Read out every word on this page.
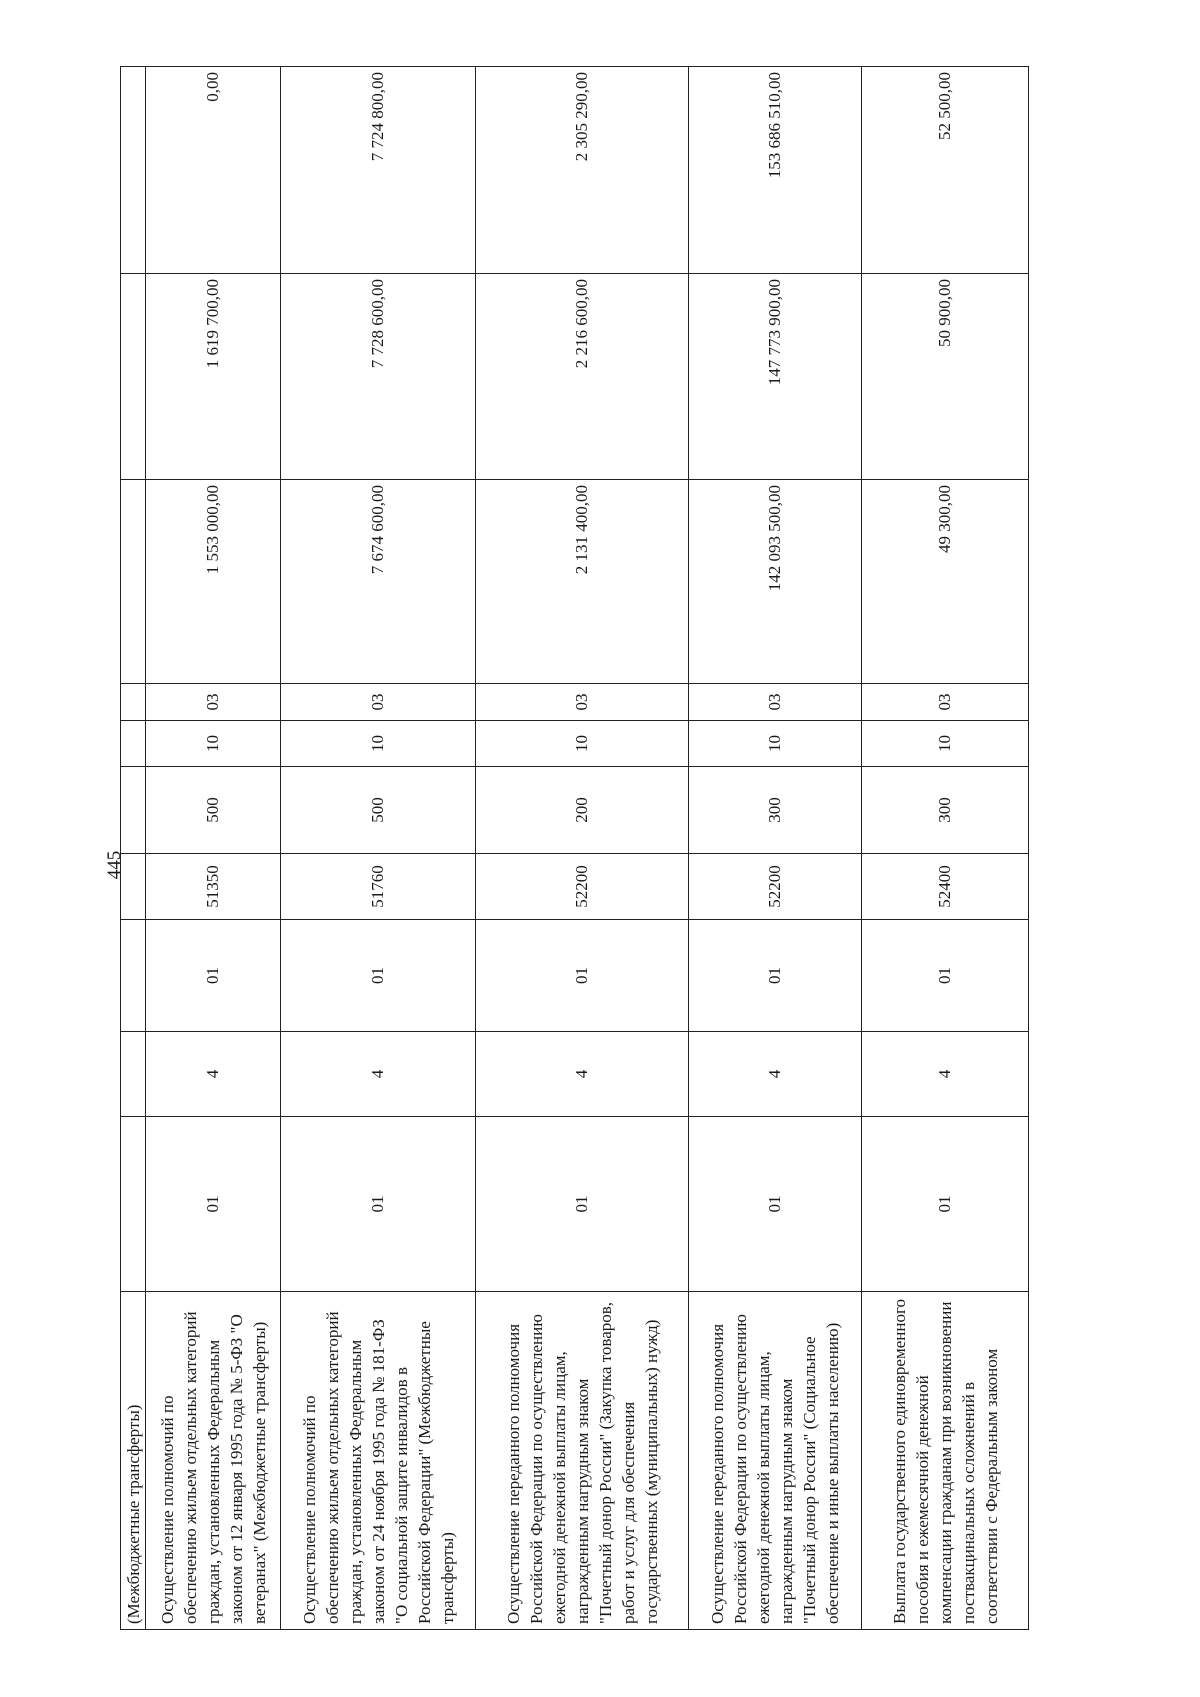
445
(Межбюджетные трансферты)										
Осуществление полномочий по обеспечению жильем отдельных категорий граждан, установленных Федеральным законом от 12 января 1995 года № 5-ФЗ "О ветеранах" (Межбюджетные трансферты)	01	4	01	51350	500	10	03	1 553 000,00	1 619 700,00	0,00
Осуществление полномочий по обеспечению жильем отдельных категорий граждан, установленных Федеральным законом от 24 ноября 1995 года № 181-ФЗ "О социальной защите инвалидов в Российской Федерации" (Межбюджетные трансферты)	01	4	01	51760	500	10	03	7 674 600,00	7 728 600,00	7 724 800,00
Осуществление переданного полномочия Российской Федерации по осуществлению ежегодной денежной выплаты лицам, награжденным нагрудным знаком "Почетный донор России" (Закупка товаров, работ и услуг для обеспечения государственных (муниципальных) нужд)	01	4	01	52200	200	10	03	2 131 400,00	2 216 600,00	2 305 290,00
Осуществление переданного полномочия Российской Федерации по осуществлению ежегодной денежной выплаты лицам, награжденным нагрудным знаком "Почетный донор России" (Социальное обеспечение и иные выплаты населению)	01	4	01	52200	300	10	03	142 093 500,00	147 773 900,00	153 686 510,00
Выплата государственного единовременного пособия и ежемесячной денежной компенсации гражданам при возникновении поствакцинальных осложнений в соответствии с Федеральным законом	01	4	01	52400	300	10	03	49 300,00	50 900,00	52 500,00
